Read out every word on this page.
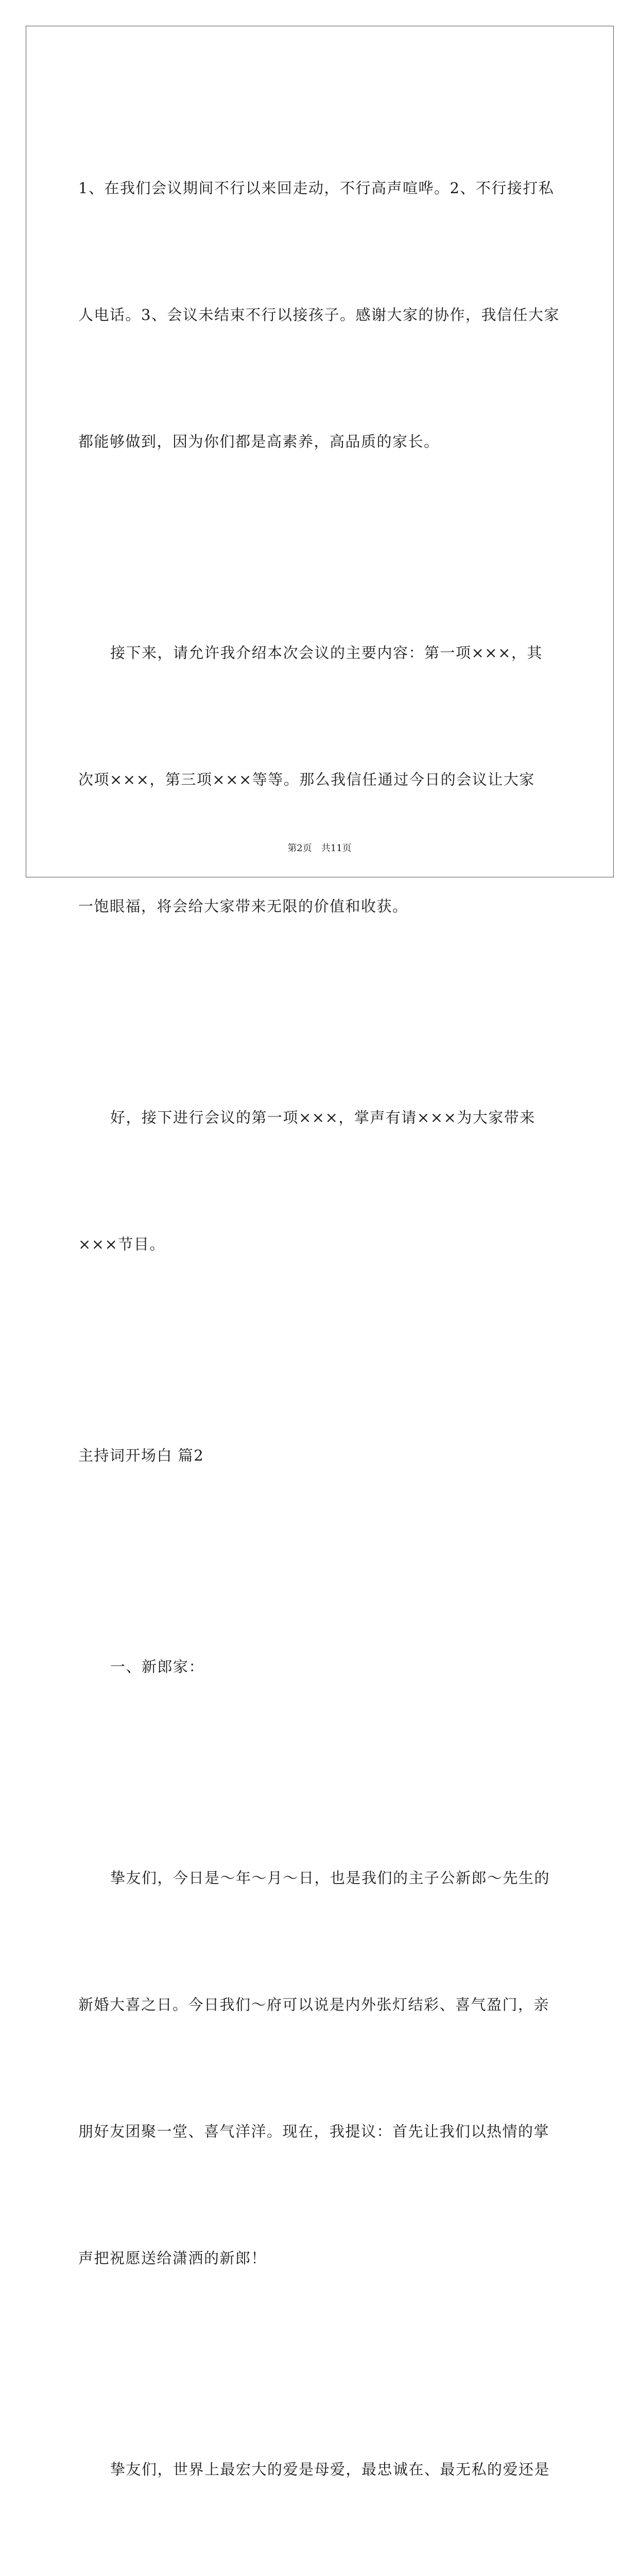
1、在我们会议期间不行以来回走动，不行高声喧哗。2、不行接打私

人电话。3、会议未结束不行以接孩子。感谢大家的协作，我信任大家

都能够做到，因为你们都是高素养，高品质的家长。

接下来，请允许我介绍本次会议的主要内容：第一项×××，其

次项×××，第三项×××等等。那么我信任通过今日的会议让大家

一饱眼福，将会给大家带来无限的价值和收获。

好，接下进行会议的第一项×××，掌声有请×××为大家带来

×××节目。

主持词开场白 篇2

一、新郎家：

挚友们，今日是～年～月～日，也是我们的主子公新郎～先生的

新婚大喜之日。今日我们～府可以说是内外张灯结彩、喜气盈门，亲

朋好友团聚一堂、喜气洋洋。现在，我提议：首先让我们以热情的掌

声把祝愿送给潇洒的新郎！

挚友们，世界上最宏大的爱是母爱，最忠诚在、最无私的爱还是

第2页 共11页
